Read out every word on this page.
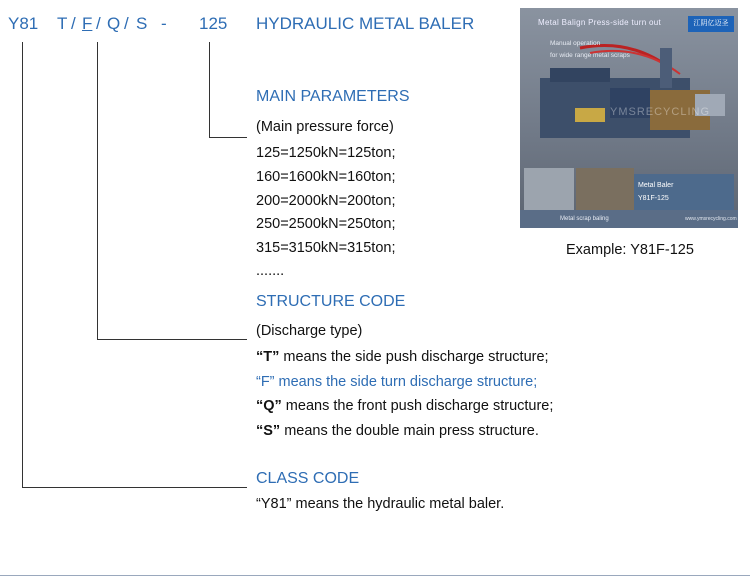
Y81 T / F / Q / S - 125 HYDRAULIC METAL BALER
MAIN PARAMETERS
(Main pressure force)
125=1250kN=125ton;
160=1600kN=160ton;
200=2000kN=200ton;
250=2500kN=250ton;
315=3150kN=315ton;
.......
STRUCTURE CODE
(Discharge type)
“T” means the side push discharge structure;
“F” means the side turn discharge structure;
“Q” means the front push discharge structure;
“S” means the double main press structure.
CLASS CODE
“Y81” means the hydraulic metal baler.
江阴亿迈圣
Metal Balign Press-side turn out
Manual operation
for wide range metal scraps
YMSRECYCLING
Metal Baler
Y81F-125
Metal scrap baling	www.ymsrecycling.com
Example: Y81F-125
